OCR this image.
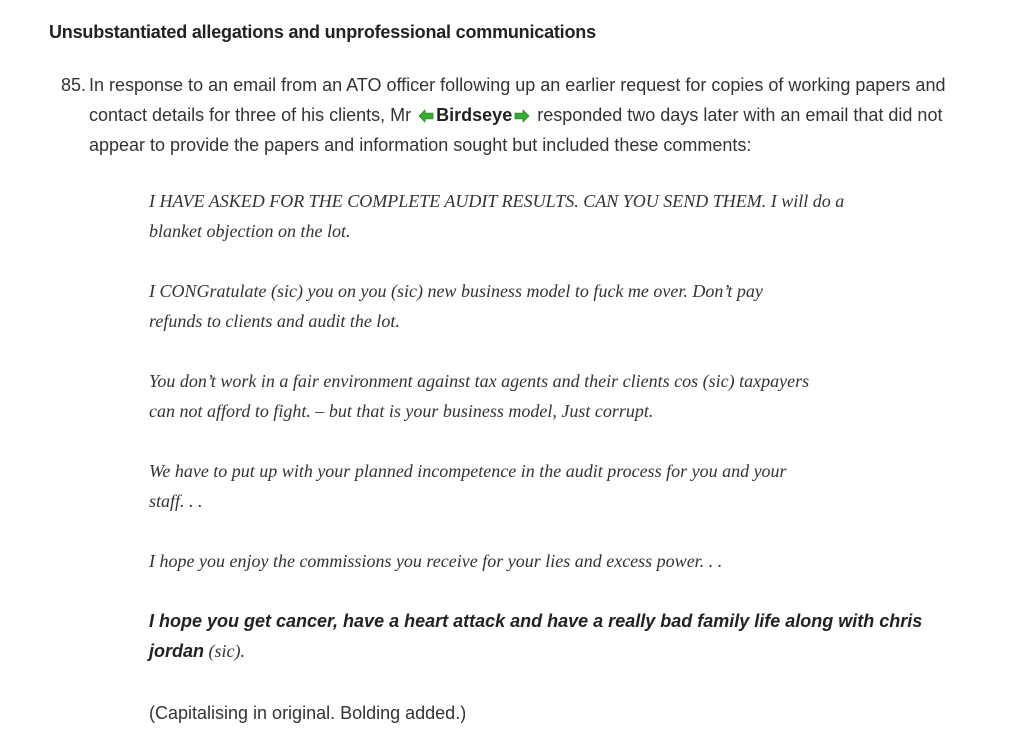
Unsubstantiated allegations and unprofessional communications
85. In response to an email from an ATO officer following up an earlier request for copies of working papers and
contact details for three of his clients, Mr Birdseye responded two days later with an email that did not
appear to provide the papers and information sought but included these comments:
I HAVE ASKED FOR THE COMPLETE AUDIT RESULTS. CAN YOU SEND THEM. I will do a
blanket objection on the lot.
I CONGratulate (sic) you on you (sic) new business model to fuck me over. Don’t pay
refunds to clients and audit the lot.
You don’t work in a fair environment against tax agents and their clients cos (sic) taxpayers
can not afford to fight. – but that is your business model, Just corrupt.
We have to put up with your planned incompetence in the audit process for you and your
staff. . .
I hope you enjoy the commissions you receive for your lies and excess power. . .
I hope you get cancer, have a heart attack and have a really bad family life along with chris
jordan (sic).
(Capitalising in original. Bolding added.)
